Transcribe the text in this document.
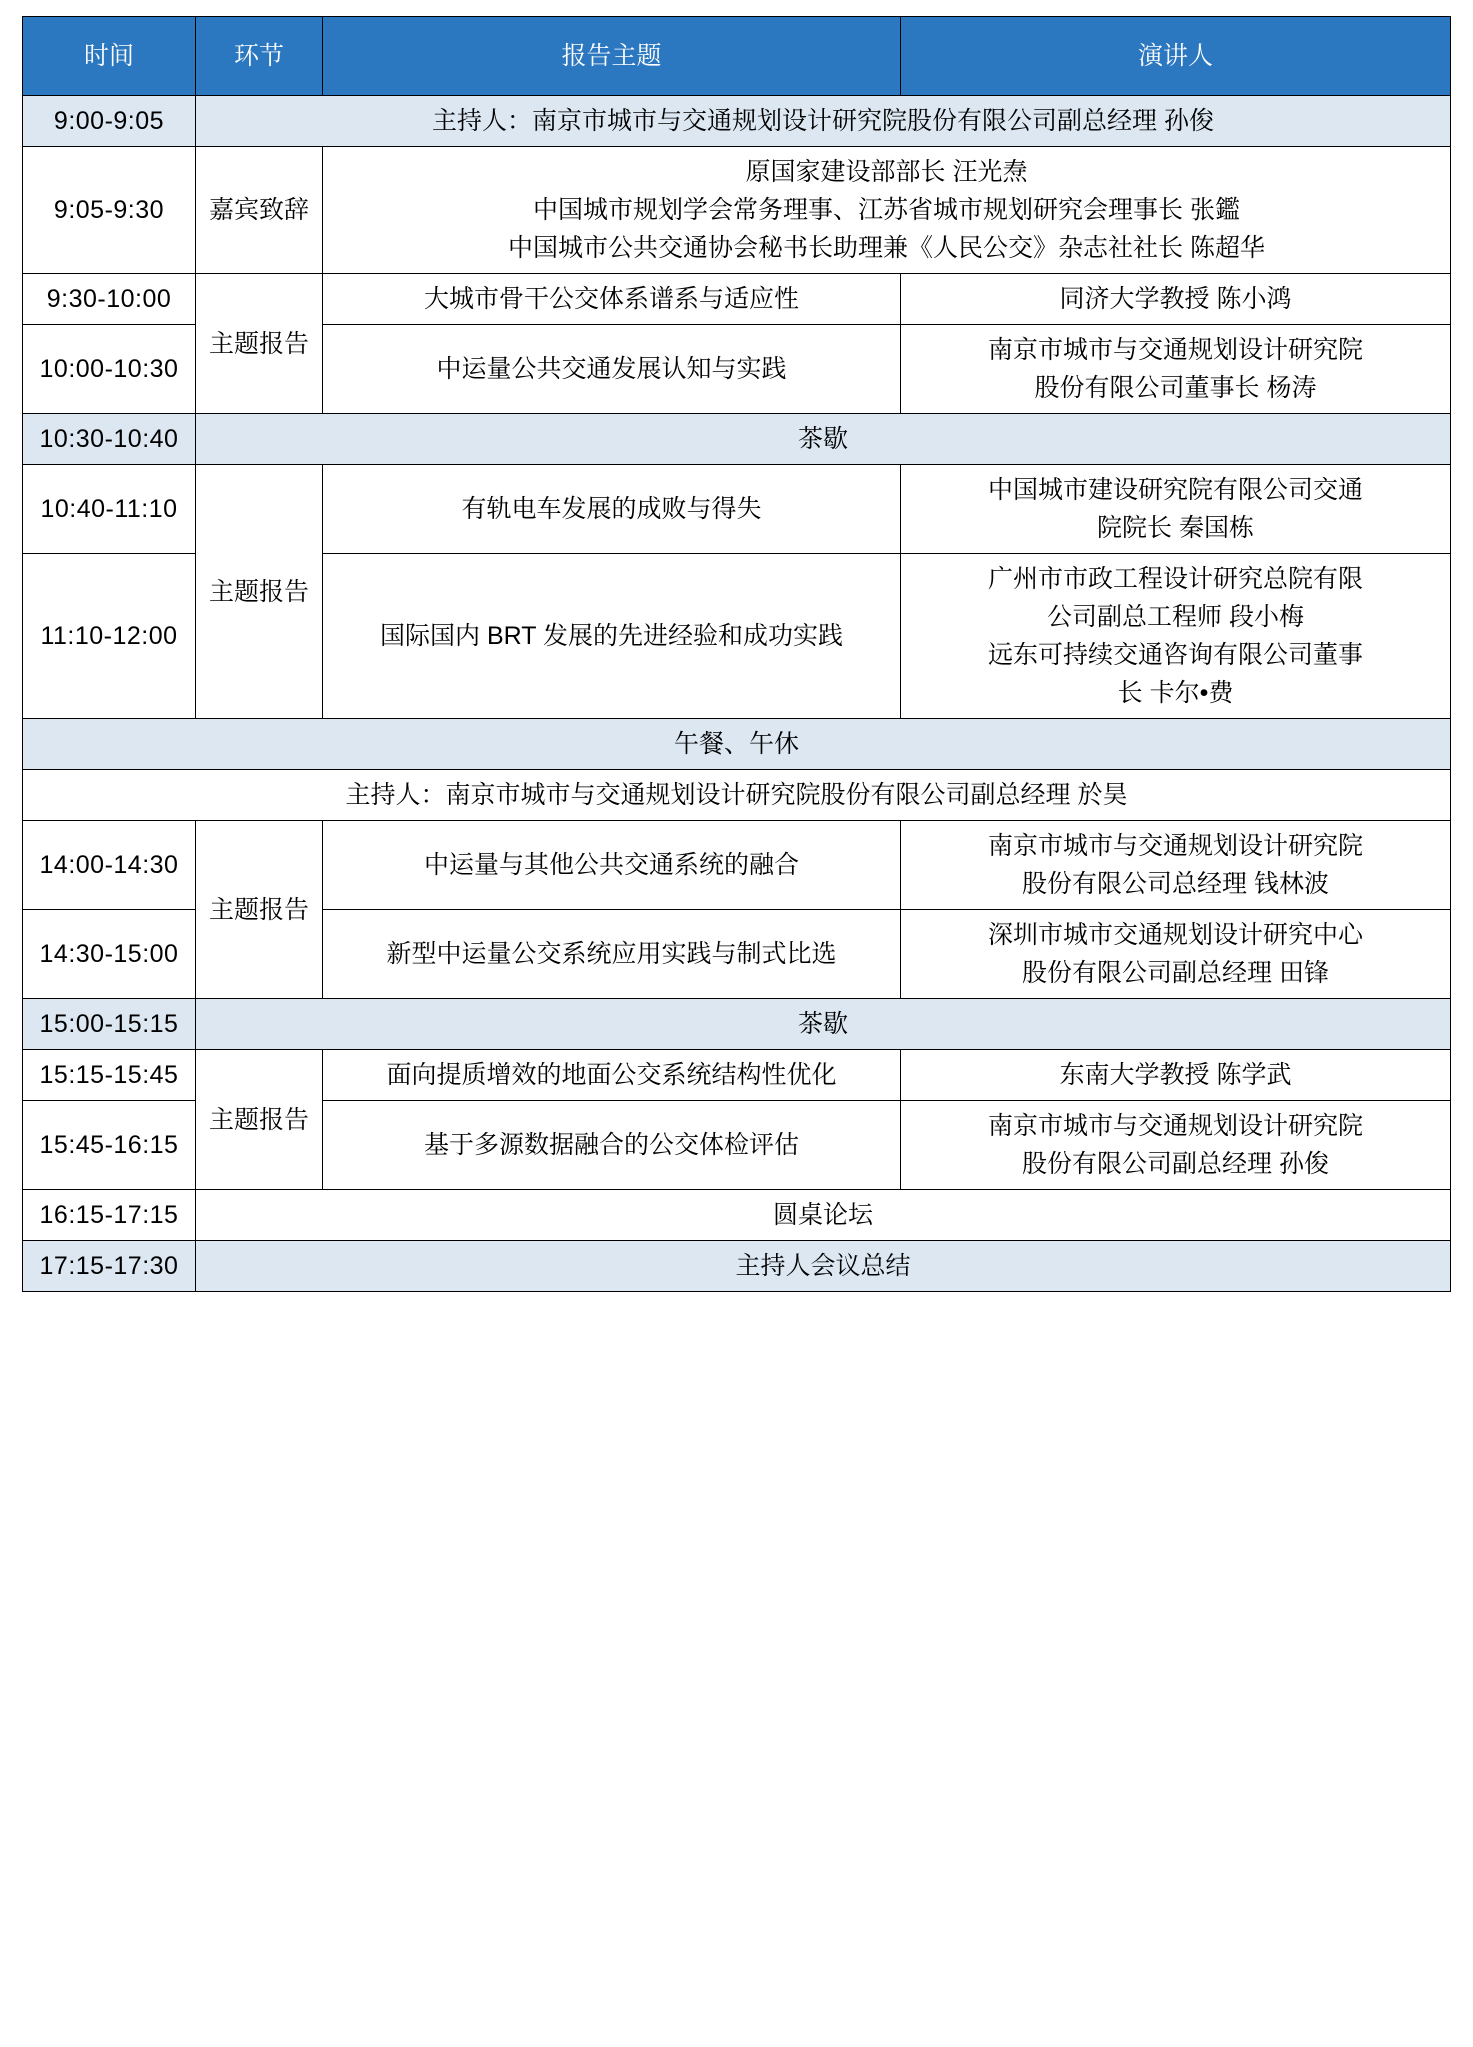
时间	环节	报告主题	演讲人
9:00-9:05	主持人：南京市城市与交通规划设计研究院股份有限公司副总经理 孙俊		
9:05-9:30	嘉宾致辞	原国家建设部部长 汪光焘
中国城市规划学会常务理事、江苏省城市规划研究会理事长 张鑑
中国城市公共交通协会秘书长助理兼《人民公交》杂志社社长 陈超华	

9:30-10:00	主题报告	大城市骨干公交体系谱系与适应性	同济大学教授 陈小鸿

10:00-10:30		中运量公共交通发展认知与实践	南京市城市与交通规划设计研究院
股份有限公司董事长 杨涛

10:30-10:40	茶歇		
10:40-11:10	主题报告	有轨电车发展的成败与得失	中国城市建设研究院有限公司交通
院院长 秦国栋

11:10-12:00		国际国内 BRT 发展的先进经验和成功实践	广州市市政工程设计研究总院有限
公司副总工程师 段小梅
远东可持续交通咨询有限公司董事
长 卡尔•费

午餐、午休			
主持人：南京市城市与交通规划设计研究院股份有限公司副总经理 於昊			
14:00-14:30	主题报告	中运量与其他公共交通系统的融合	南京市城市与交通规划设计研究院
股份有限公司总经理 钱林波

14:30-15:00		新型中运量公交系统应用实践与制式比选	深圳市城市交通规划设计研究中心
股份有限公司副总经理 田锋

15:00-15:15	茶歇		
15:15-15:45	主题报告	面向提质增效的地面公交系统结构性优化	东南大学教授 陈学武

15:45-16:15		基于多源数据融合的公交体检评估	南京市城市与交通规划设计研究院
股份有限公司副总经理 孙俊

16:15-17:15	圆桌论坛		
17:15-17:30	主持人会议总结		
